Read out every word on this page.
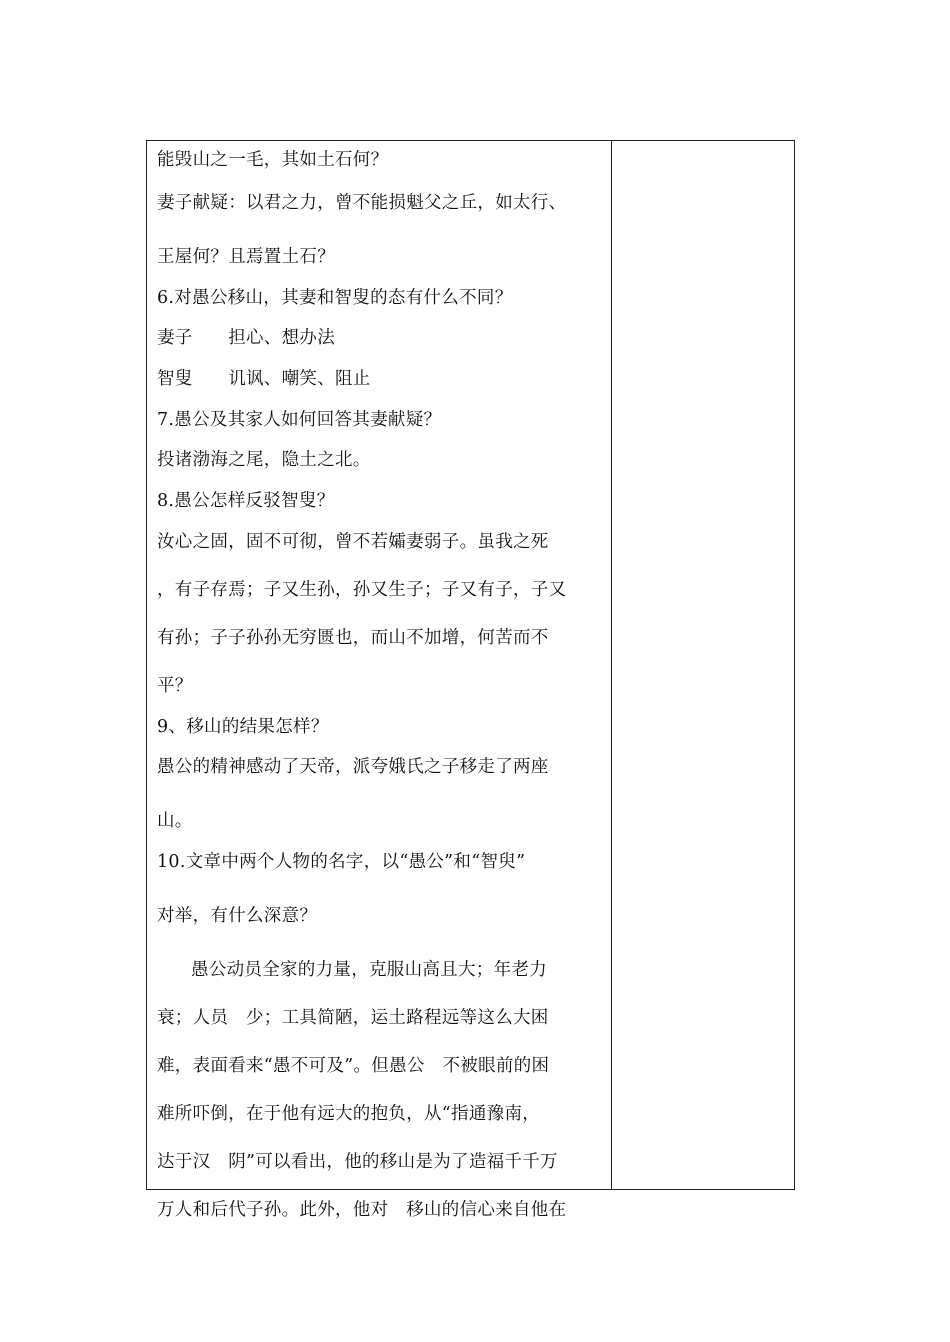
能毁山之一毛，其如土石何？
妻子献疑：以君之力，曾不能损魁父之丘，如太行、
王屋何？且焉置土石？
6.对愚公移山，其妻和智叟的态有什么不同？
妻子　　担心、想办法
智叟　　讥讽、嘲笑、阻止
7.愚公及其家人如何回答其妻献疑？
投诸渤海之尾，隐土之北。
8.愚公怎样反驳智叟？
汝心之固，固不可彻，曾不若孀妻弱子。虽我之死
，有子存焉；子又生孙，孙又生子；子又有子，子又
有孙；子子孙孙无穷匮也，而山不加增，何苦而不
平？
9、移山的结果怎样？
愚公的精神感动了天帝，派夸娥氏之子移走了两座
山。
10.文章中两个人物的名字，以“愚公”和“智臾”
对举，有什么深意？
愚公动员全家的力量，克服山高且大；年老力
衰；人员　少；工具简陋，运土路程远等这么大困
难，表面看来“愚不可及”。但愚公　不被眼前的困
难所吓倒，在于他有远大的抱负，从“指通豫南，
达于汉　阴”可以看出，他的移山是为了造福千千万
万人和后代子孙。此外，他对　移山的信心来自他在
